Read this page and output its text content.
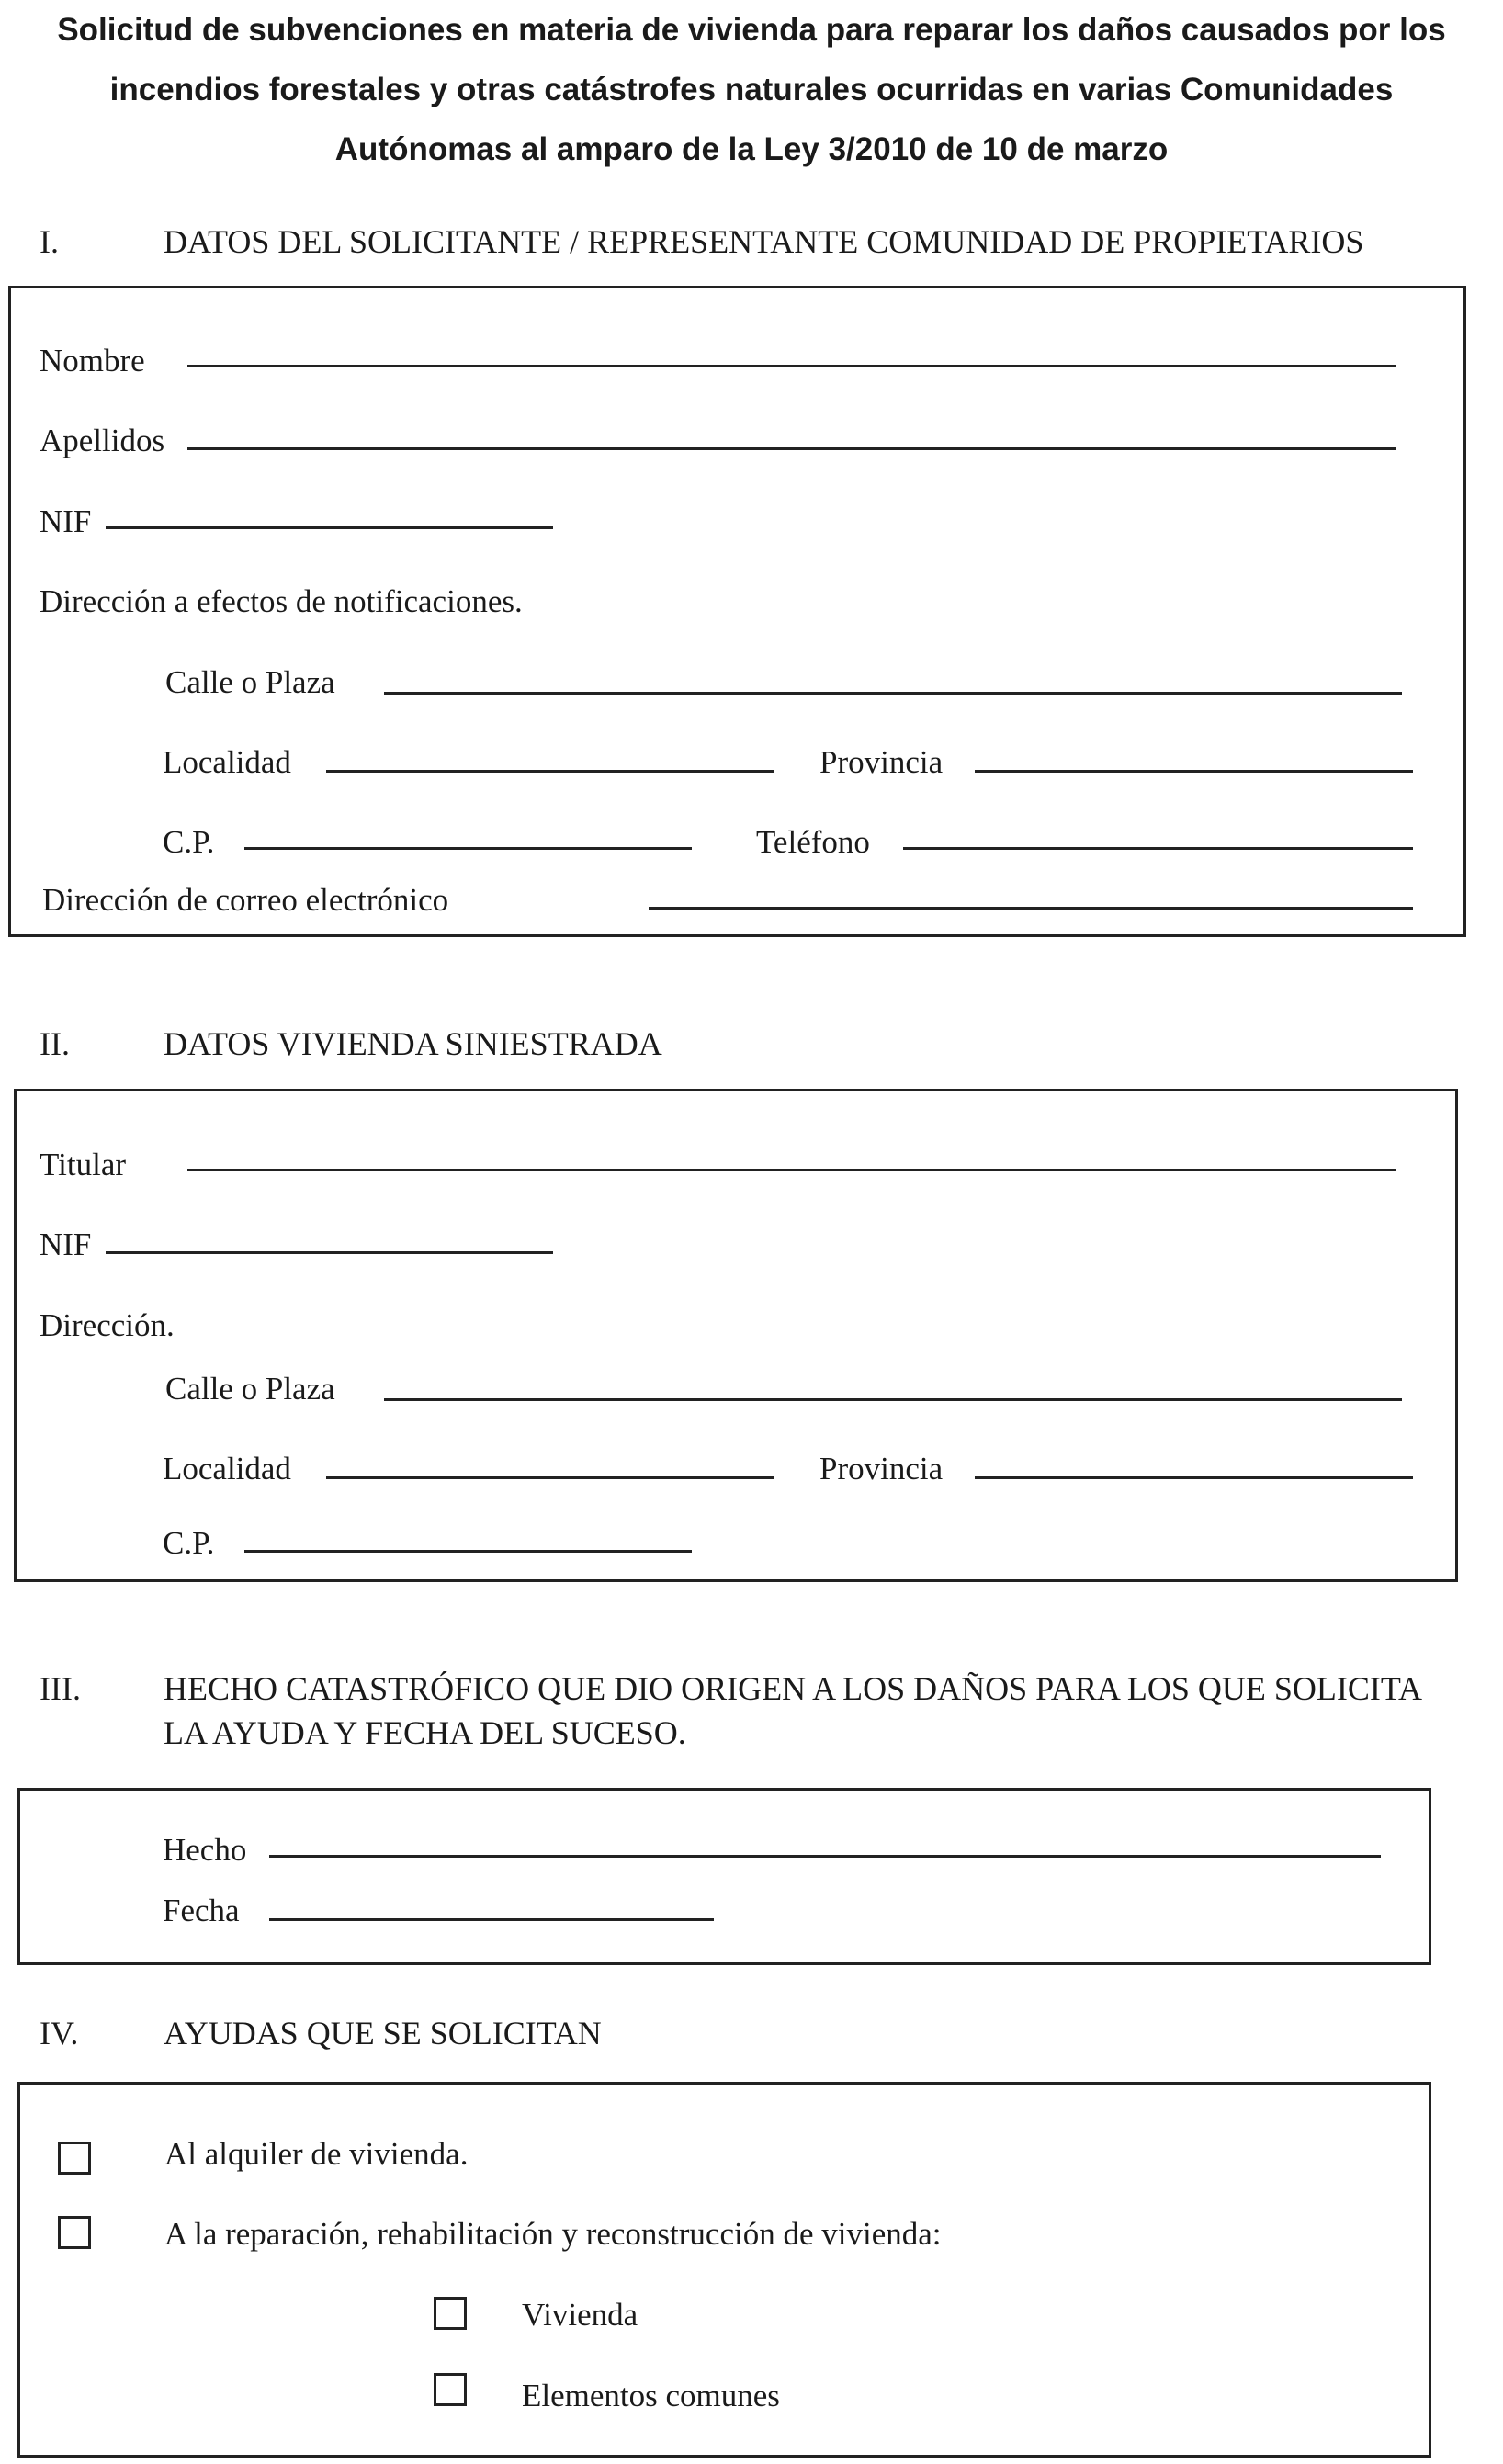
Solicitud de subvenciones en materia de vivienda para reparar los daños causados por los
incendios forestales y otras catástrofes naturales ocurridas en varias Comunidades
Autónomas al amparo de la Ley 3/2010 de 10 de marzo
I.	DATOS DEL SOLICITANTE / REPRESENTANTE COMUNIDAD DE PROPIETARIOS
Nombre
Apellidos
NIF
Dirección a efectos de notificaciones.
Calle o Plaza
Localidad	Provincia
C.P.	Teléfono
Dirección de correo electrónico
II.	DATOS VIVIENDA SINIESTRADA
Titular
NIF
Dirección.
Calle o Plaza
Localidad	Provincia
C.P.
III.	HECHO CATASTRÓFICO QUE DIO ORIGEN A LOS DAÑOS PARA LOS QUE SOLICITA
LA AYUDA Y FECHA DEL SUCESO.
Hecho
Fecha
IV.	AYUDAS QUE SE SOLICITAN
Al alquiler de vivienda.
A la reparación, rehabilitación y reconstrucción de vivienda:
Vivienda
Elementos comunes
